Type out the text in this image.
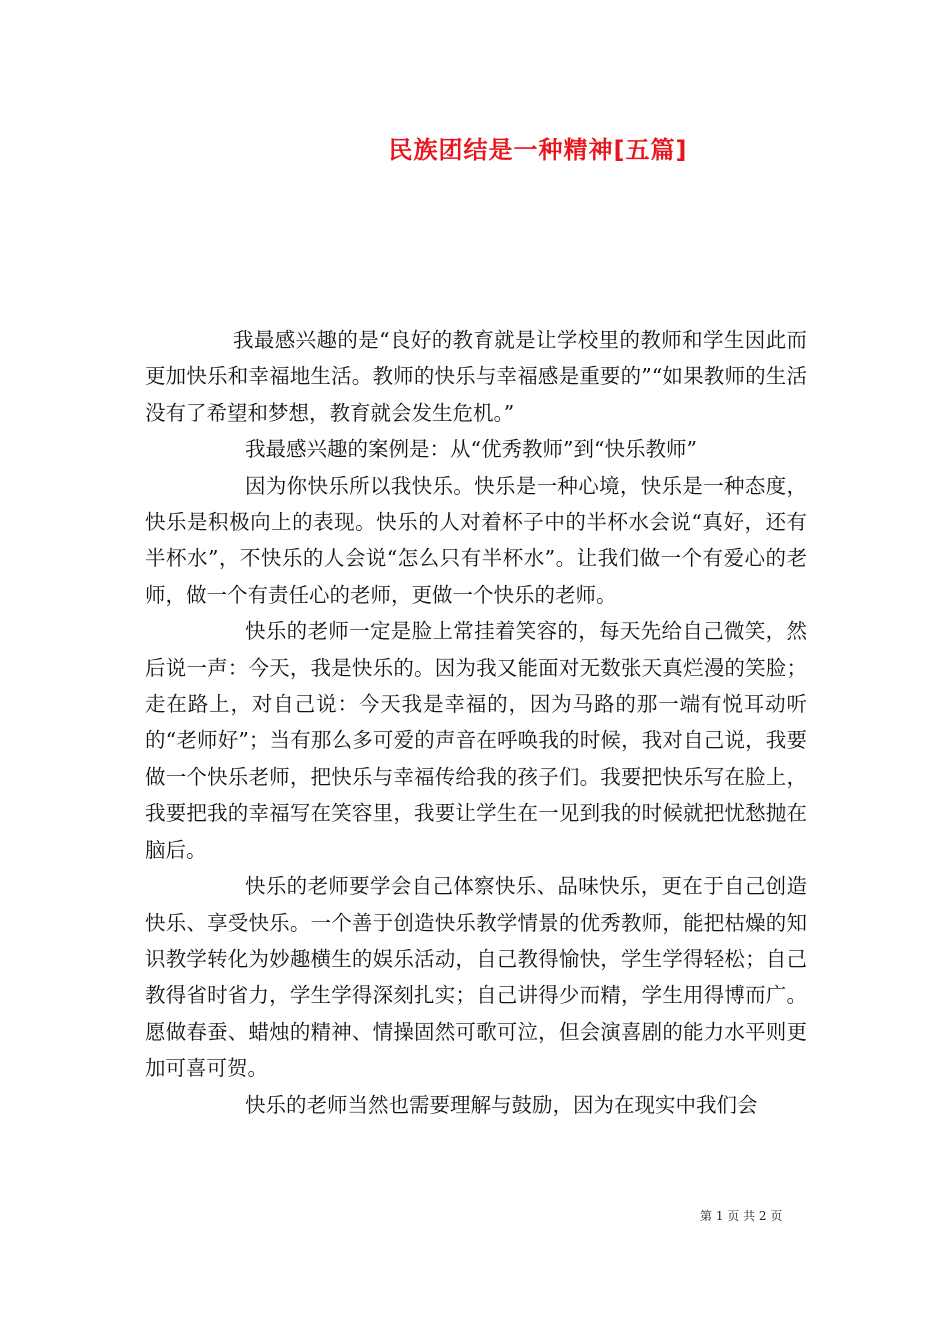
民族团结是一种精神[五篇]

我最感兴趣的是“良好的教育就是让学校里的教师和学生因此而更加快乐和幸福地生活。教师的快乐与幸福感是重要的”“如果教师的生活没有了希望和梦想，教育就会发生危机。”

我最感兴趣的案例是：从“优秀教师”到“快乐教师”

因为你快乐所以我快乐。快乐是一种心境，快乐是一种态度，快乐是积极向上的表现。快乐的人对着杯子中的半杯水会说“真好，还有半杯水”，不快乐的人会说“怎么只有半杯水”。让我们做一个有爱心的老师，做一个有责任心的老师，更做一个快乐的老师。

快乐的老师一定是脸上常挂着笑容的，每天先给自己微笑，然后说一声：今天，我是快乐的。因为我又能面对无数张天真烂漫的笑脸；走在路上，对自己说：今天我是幸福的，因为马路的那一端有悦耳动听的“老师好”；当有那么多可爱的声音在呼唤我的时候，我对自己说，我要做一个快乐老师，把快乐与幸福传给我的孩子们。我要把快乐写在脸上，我要把我的幸福写在笑容里，我要让学生在一见到我的时候就把忧愁抛在脑后。

快乐的老师要学会自己体察快乐、品味快乐，更在于自己创造快乐、享受快乐。一个善于创造快乐教学情景的优秀教师，能把枯燥的知识教学转化为妙趣横生的娱乐活动，自己教得愉快，学生学得轻松；自己教得省时省力，学生学得深刻扎实；自己讲得少而精，学生用得博而广。愿做春蚕、蜡烛的精神、情操固然可歌可泣，但会演喜剧的能力水平则更加可喜可贺。

快乐的老师当然也需要理解与鼓励，因为在现实中我们会

第 1 页 共 2 页
